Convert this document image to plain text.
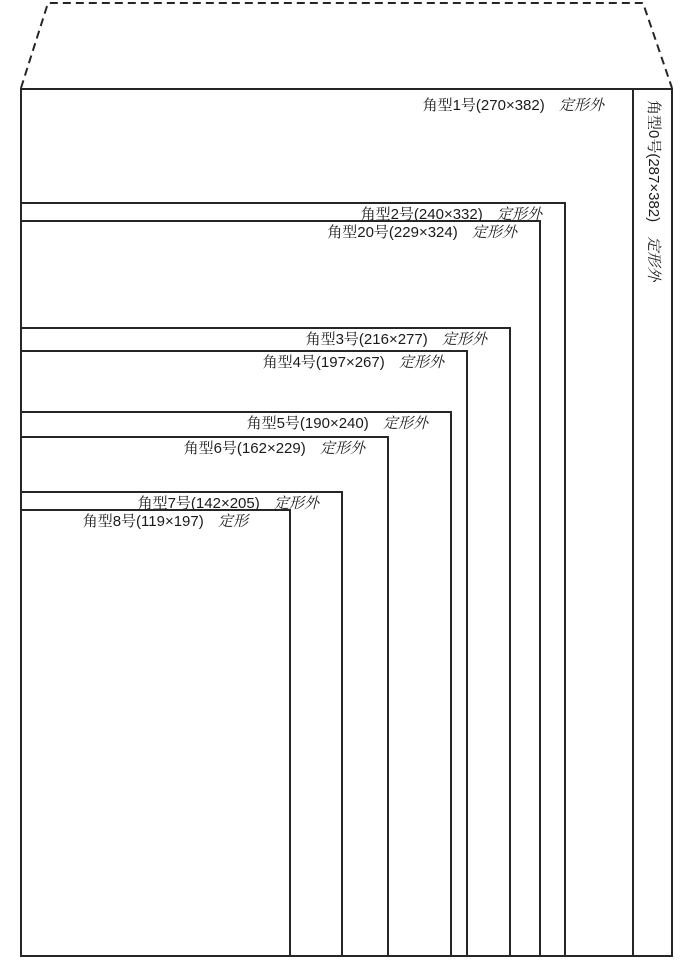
角型1号(270×382) 定形外
角型2号(240×332) 定形外
角型20号(229×324) 定形外
角型3号(216×277) 定形外
角型4号(197×267) 定形外
角型5号(190×240) 定形外
角型6号(162×229) 定形外
角型7号(142×205) 定形外
角型8号(119×197) 定形
角型0号(287×382)定形外
